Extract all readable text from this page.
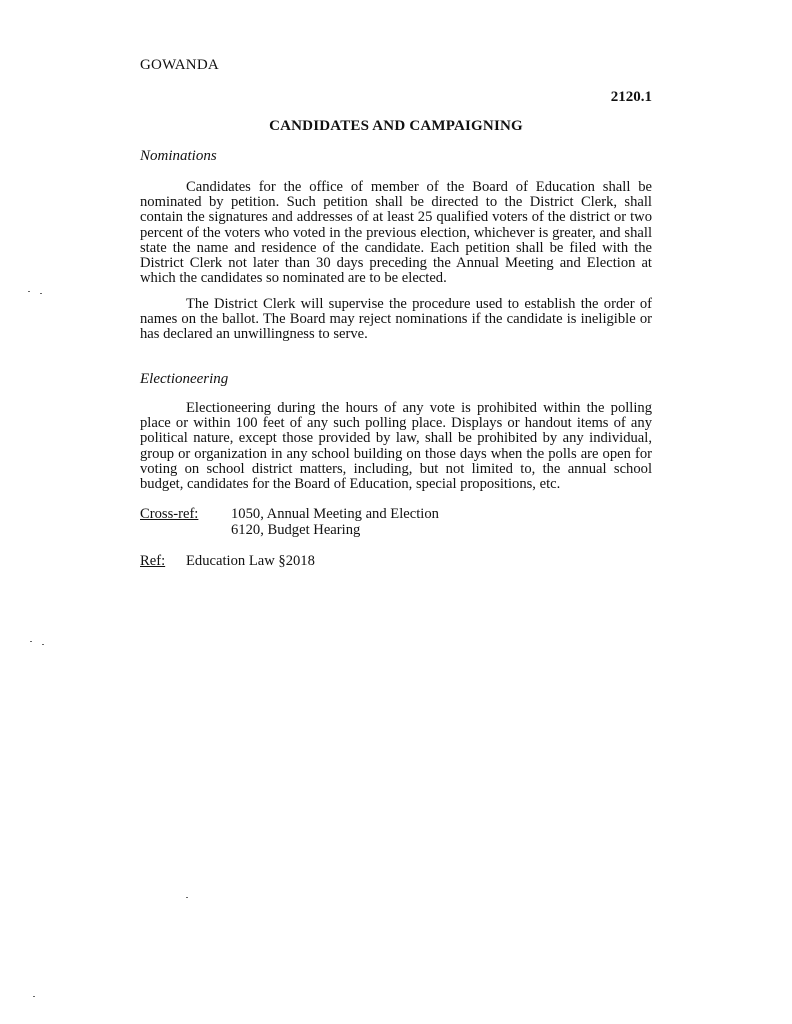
GOWANDA
2120.1
CANDIDATES AND CAMPAIGNING
Nominations

Candidates for the office of member of the Board of Education shall be nominated by petition. Such petition shall be directed to the District Clerk, shall contain the signatures and addresses of at least 25 qualified voters of the district or two percent of the voters who voted in the previous election, whichever is greater, and shall state the name and residence of the candidate. Each petition shall be filed with the District Clerk not later than 30 days preceding the Annual Meeting and Election at which the candidates so nominated are to be elected.

The District Clerk will supervise the procedure used to establish the order of names on the ballot. The Board may reject nominations if the candidate is ineligible or has declared an unwillingness to serve.

Electioneering

Electioneering during the hours of any vote is prohibited within the polling place or within 100 feet of any such polling place. Displays or handout items of any political nature, except those provided by law, shall be prohibited by any individual, group or organization in any school building on those days when the polls are open for voting on school district matters, including, but not limited to, the annual school budget, candidates for the Board of Education, special propositions, etc.

Cross-ref: 1050, Annual Meeting and Election
6120, Budget Hearing
Ref: Education Law §2018
